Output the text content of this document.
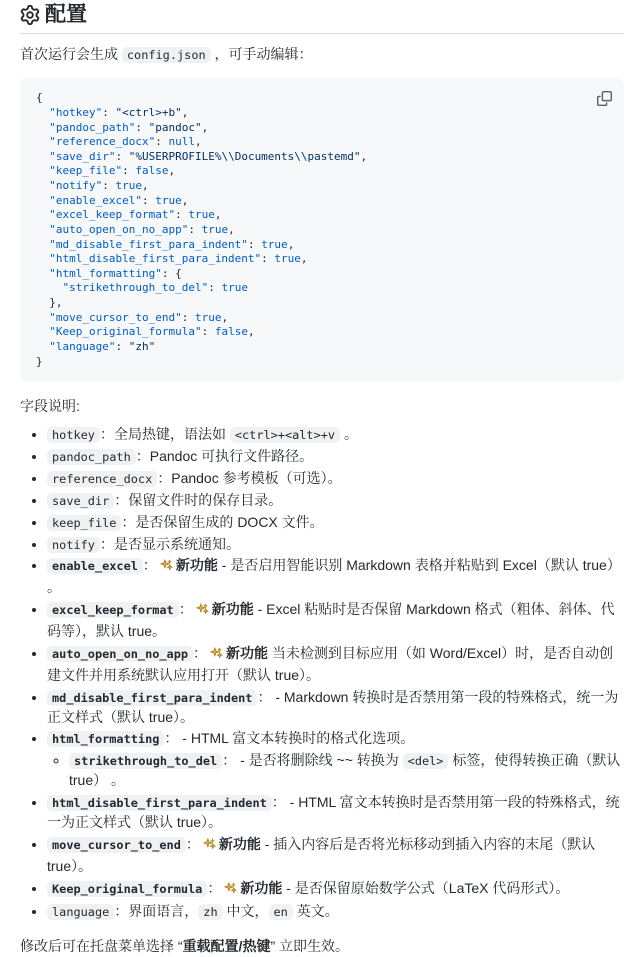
配置

首次运行会生成 config.json ，可手动编辑：

{
"hotkey": "<ctrl>+b",
"pandoc_path": "pandoc",
"reference_docx": null,
"save_dir": "%USERPROFILE%\\Documents\\pastemd",
"keep_file": false,
"notify": true,
"enable_excel": true,
"excel_keep_format": true,
"auto_open_on_no_app": true,
"md_disable_first_para_indent": true,
"html_disable_first_para_indent": true,
"html_formatting": {
"strikethrough_to_del": true
},
"move_cursor_to_end": true,
"Keep_original_formula": false,
"language": "zh"
}

字段说明:

• hotkey ：全局热键，语法如 <ctrl>+<alt>+v 。
• pandoc_path ：Pandoc 可执行文件路径。
• reference_docx ：Pandoc 参考模板（可选）。
• save_dir ：保留文件时的保存目录。
• keep_file ：是否保留生成的 DOCX 文件。
• notify ：是否显示系统通知。
• enable_excel ： 新功能 - 是否启用智能识别 Markdown 表格并粘贴到 Excel（默认 true） 。
• excel_keep_format ： 新功能 - Excel 粘贴时是否保留 Markdown 格式（粗体、斜体、代码等），默认 true。
• auto_open_on_no_app ： 新功能 当未检测到目标应用（如 Word/Excel）时，是否自动创建文件并用系统默认应用打开（默认 true）。
• md_disable_first_para_indent ： - Markdown 转换时是否禁用第一段的特殊格式，统一为正文样式（默认 true）。
• html_formatting ： - HTML 富文本转换时的格式化选项。
◦ strikethrough_to_del ： - 是否将删除线 ~~ 转换为 <del> 标签，使得转换正确（默认 true） 。
• html_disable_first_para_indent ： - HTML 富文本转换时是否禁用第一段的特殊格式，统一为正文样式（默认 true）。
• move_cursor_to_end ： 新功能 - 插入内容后是否将光标移动到插入内容的末尾（默认 true）。
• Keep_original_formula ： 新功能 - 是否保留原始数学公式（LaTeX 代码形式）。
• language ：界面语言， zh 中文， en 英文。

修改后可在托盘菜单选择 “重载配置/热键” 立即生效。
